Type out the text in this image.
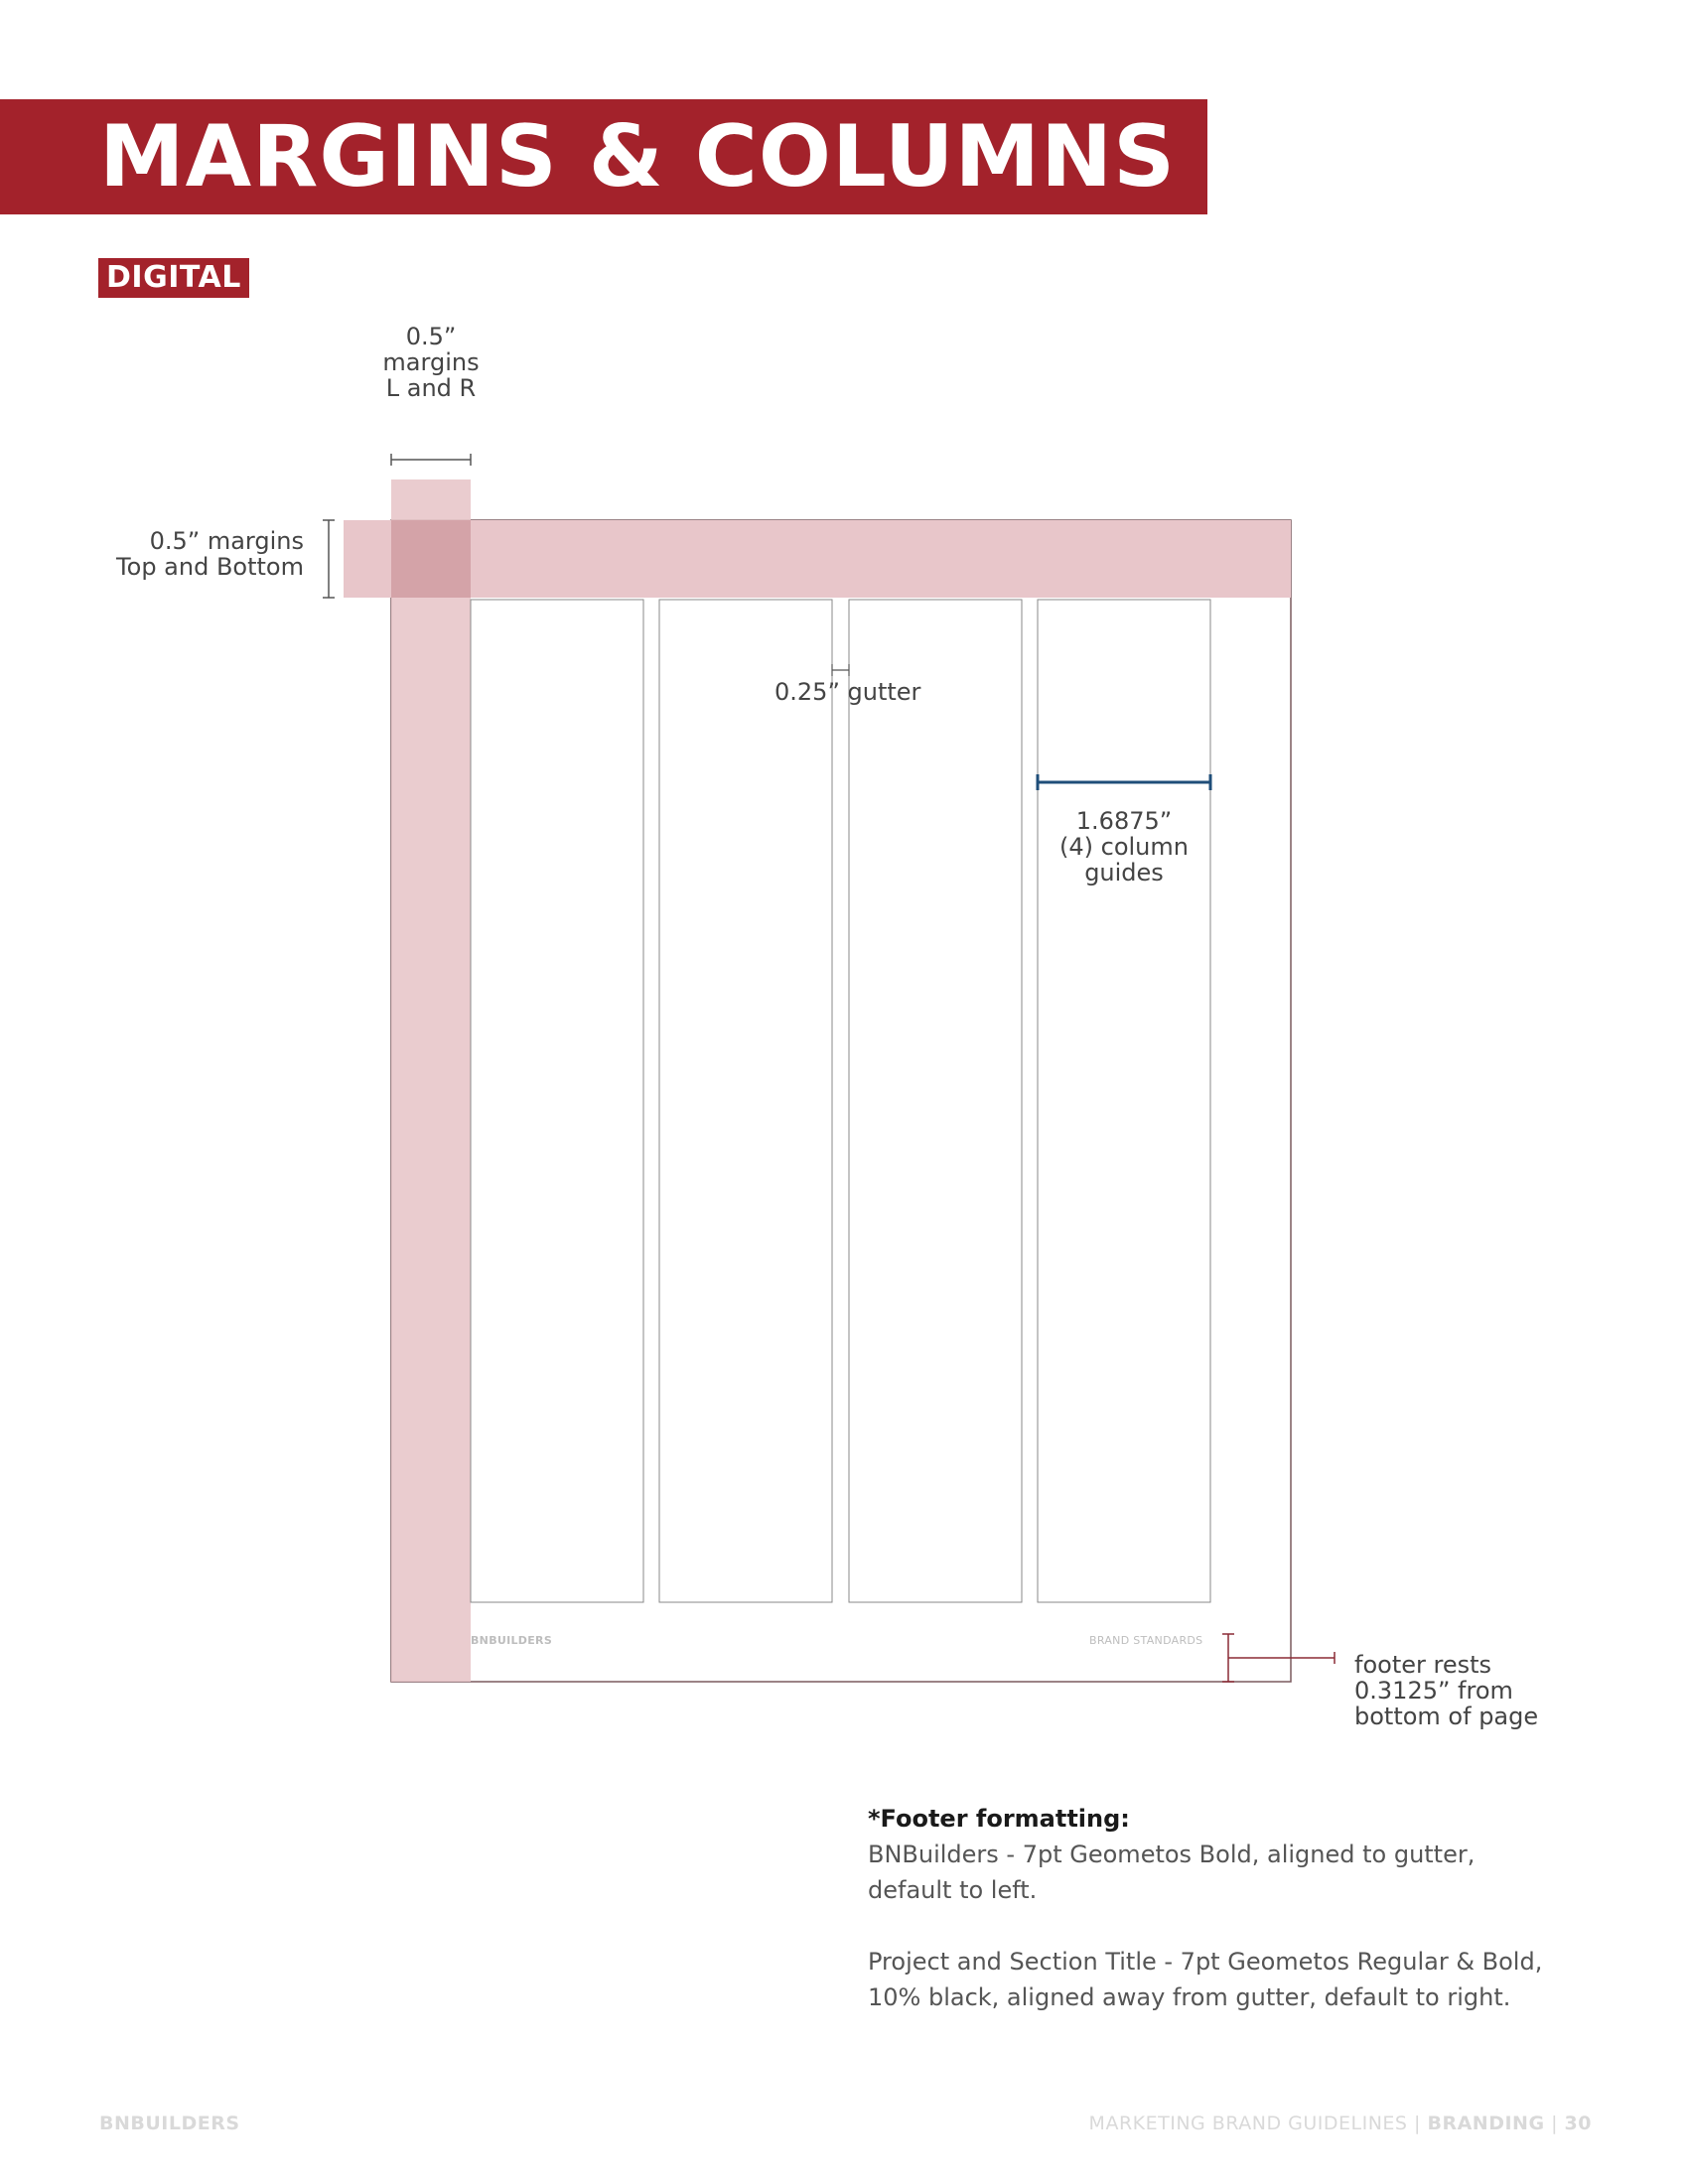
MARGINS & COLUMNS
DIGITAL
0.5”
margins
L and R
0.5” margins
Top and Bottom
0.25” gutter
1.6875”
(4) column
guides
footer rests
0.3125” from
bottom of page
BNBUILDERS	BRAND STANDARDS

*Footer formatting:

BNBuilders - 7pt Geometos Bold, aligned to gutter,

default to left.

Project and Section Title - 7pt Geometos Regular & Bold,

10% black, aligned away from gutter, default to right.

BNBUILDERS	MARKETING BRAND GUIDELINES | BRANDING | 30
